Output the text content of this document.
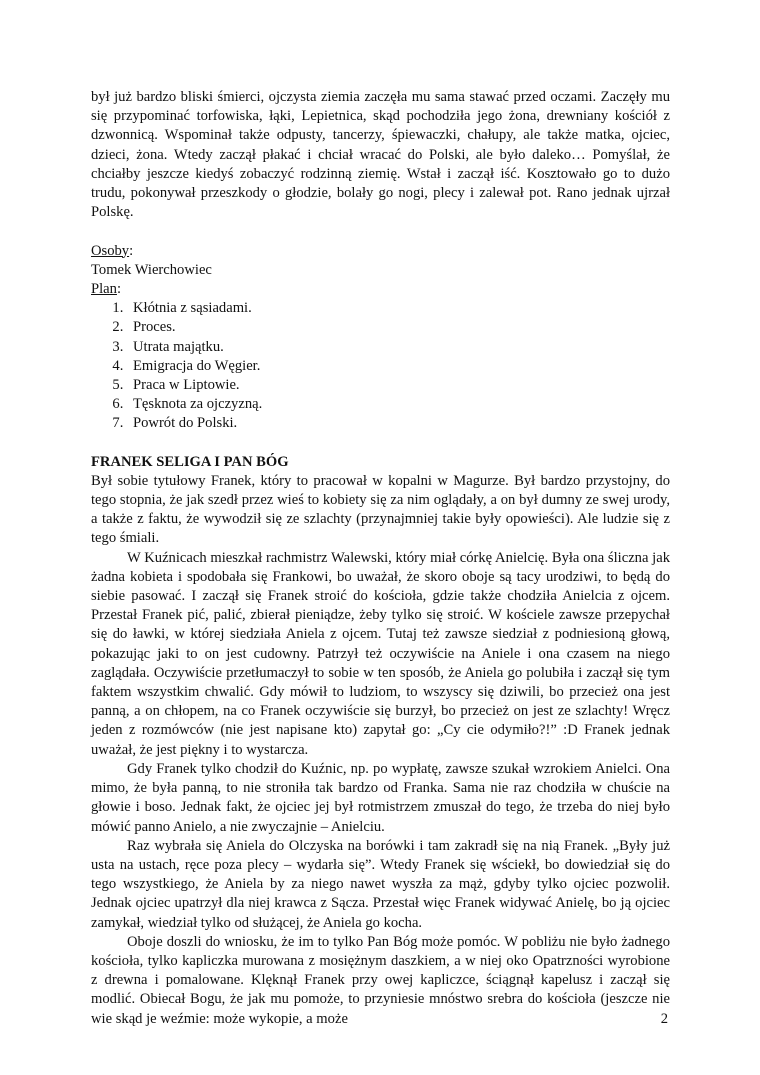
był już bardzo bliski śmierci, ojczysta ziemia zaczęła mu sama stawać przed oczami. Zaczęły mu się przypominać torfowiska, łąki, Lepietnica, skąd pochodziła jego żona, drewniany kościół z dzwonnicą. Wspominał także odpusty, tancerzy, śpiewaczki, chałupy, ale także matka, ojciec, dzieci, żona. Wtedy zaczął płakać i chciał wracać do Polski, ale było daleko… Pomyślał, że chciałby jeszcze kiedyś zobaczyć rodzinną ziemię. Wstał i zaczął iść. Kosztowało go to dużo trudu, pokonywał przeszkody o głodzie, bolały go nogi, plecy i zalewał pot. Rano jednak ujrzał Polskę.

Osoby:
Tomek Wierchowiec
Plan:
1. Kłótnia z sąsiadami.
2. Proces.
3. Utrata majątku.
4. Emigracja do Węgier.
5. Praca w Liptowie.
6. Tęsknota za ojczyzną.
7. Powrót do Polski.
FRANEK SELIGA I PAN BÓG

Był sobie tytułowy Franek, który to pracował w kopalni w Magurze. Był bardzo przystojny, do tego stopnia, że jak szedł przez wieś to kobiety się za nim oglądały, a on był dumny ze swej urody, a także z faktu, że wywodził się ze szlachty (przynajmniej takie były opowieści). Ale ludzie się z tego śmiali.

W Kuźnicach mieszkał rachmistrz Walewski, który miał córkę Anielcię. Była ona śliczna jak żadna kobieta i spodobała się Frankowi, bo uważał, że skoro oboje są tacy urodziwi, to będą do siebie pasować. I zaczął się Franek stroić do kościoła, gdzie także chodziła Anielcia z ojcem. Przestał Franek pić, palić, zbierał pieniądze, żeby tylko się stroić. W kościele zawsze przepychał się do ławki, w której siedziała Aniela z ojcem. Tutaj też zawsze siedział z podniesioną głową, pokazując jaki to on jest cudowny. Patrzył też oczywiście na Aniele i ona czasem na niego zaglądała. Oczywiście przetłumaczył to sobie w ten sposób, że Aniela go polubiła i zaczął się tym faktem wszystkim chwalić. Gdy mówił to ludziom, to wszyscy się dziwili, bo przecież ona jest panną, a on chłopem, na co Franek oczywiście się burzył, bo przecież on jest ze szlachty! Wręcz jeden z rozmówców (nie jest napisane kto) zapytał go: „Cy cie odymiło?!” :D Franek jednak uważał, że jest piękny i to wystarcza.

Gdy Franek tylko chodził do Kuźnic, np. po wypłatę, zawsze szukał wzrokiem Anielci. Ona mimo, że była panną, to nie stroniła tak bardzo od Franka. Sama nie raz chodziła w chuście na głowie i boso. Jednak fakt, że ojciec jej był rotmistrzem zmuszał do tego, że trzeba do niej było mówić panno Anielo, a nie zwyczajnie – Anielciu.

Raz wybrała się Aniela do Olczyska na borówki i tam zakradł się na nią Franek. „Były już usta na ustach, ręce poza plecy – wydarła się”. Wtedy Franek się wściekł, bo dowiedział się do tego wszystkiego, że Aniela by za niego nawet wyszła za mąż, gdyby tylko ojciec pozwolił. Jednak ojciec upatrzył dla niej krawca z Sącza. Przestał więc Franek widywać Anielę, bo ją ojciec zamykał, wiedział tylko od służącej, że Aniela go kocha.

Oboje doszli do wniosku, że im to tylko Pan Bóg może pomóc. W pobliżu nie było żadnego kościoła, tylko kapliczka murowana z mosiężnym daszkiem, a w niej oko Opatrzności wyrobione z drewna i pomalowane. Klęknął Franek przy owej kapliczce, ściągnął kapelusz i zaczął się modlić. Obiecał Bogu, że jak mu pomoże, to przyniesie mnóstwo srebra do kościoła (jeszcze nie wie skąd je weźmie: może wykopie, a może	2
